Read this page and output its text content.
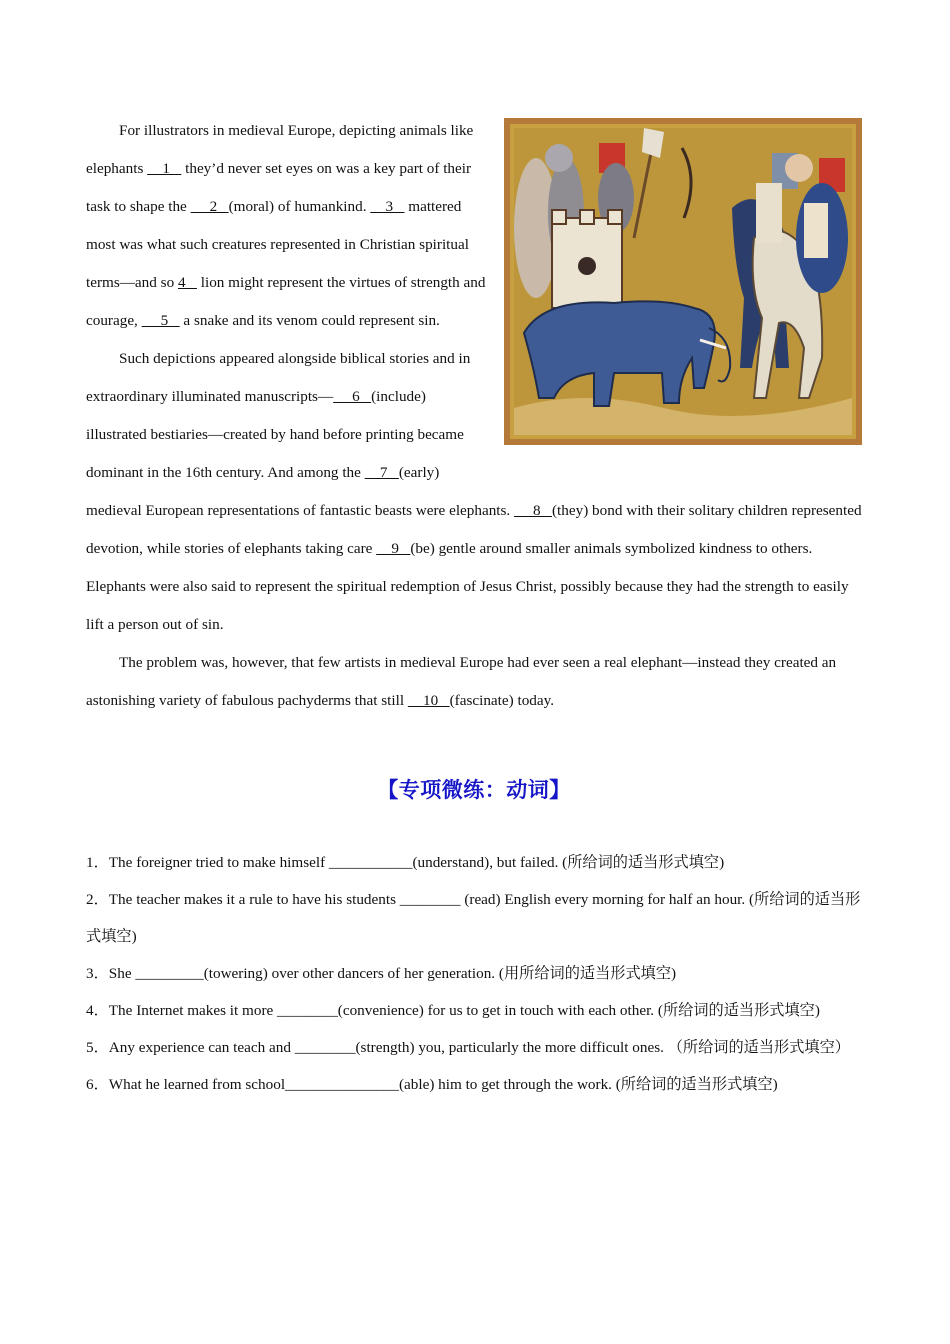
For illustrators in medieval Europe, depicting animals like elephants     1    they’d never set eyes on was a key part of their task to shape the      2   (moral) of humankind.     3    mattered most was what such creatures represented in Christian spiritual terms—and so 4    lion might represent the virtues of strength and courage,      5    a snake and its venom could represent sin.
Such depictions appeared alongside biblical stories and in extraordinary illuminated manuscripts—     6   (include) illustrated bestiaries—created by hand before printing became dominant in the 16th century. And among the     7   (early) medieval European representations of fantastic beasts were elephants.      8   (they) bond with their solitary children represented devotion, while stories of elephants taking care     9   (be) gentle around smaller animals symbolized kindness to others. Elephants were also said to represent the spiritual redemption of Jesus Christ, possibly because they had the strength to easily lift a person out of sin.
The problem was, however, that few artists in medieval Europe had ever seen a real elephant—instead they created an astonishing variety of fabulous pachyderms that still     10   (fascinate) today.
【专项微练：动词】

1．The foreigner tried to make himself ___________(understand), but failed. (所给词的适当形式填空)

2．The teacher makes it a rule to have his students ________ (read) English every morning for half an hour. (所给词的适当形式填空)

3．She _________(towering) over other dancers of her generation. (用所给词的适当形式填空)

4．The Internet makes it more ________(convenience) for us to get in touch with each other. (所给词的适当形式填空)

5．Any experience can teach and ________(strength) you, particularly the more difficult ones. （所给词的适当形式填空）

6．What he learned from school_______________(able) him to get through the work. (所给词的适当形式填空)
